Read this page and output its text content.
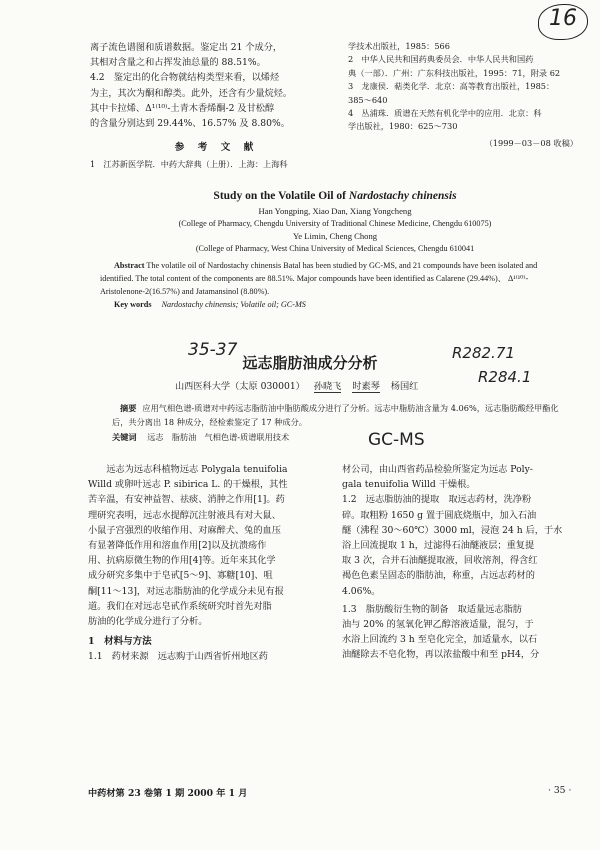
16
离子流色谱图和质谱数据。鉴定出 21 个成分，
其相对含量之和占挥发油总量的 88.51%。
4.2　鉴定出的化合物就结构类型来看，以烯烃
为主，其次为酮和醇类。此外，还含有少量烷烃。
其中卡拉烯、Δ¹⁽¹⁰⁾-土青木香烯酮-2 及甘松醇
的含量分别达到 29.44%、16.57% 及 8.80%。
参　考　文　献
1　江苏新医学院．中药大辞典（上册）．上海：上海科
学技术出版社，1985：566
2　中华人民共和国药典委员会．中华人民共和国药
典（一部）．广州：广东科技出版社，1995：71，附录 62
3　龙康侯．萜类化学．北京：高等教育出版社，1985：
385～640
4　丛浦珠．质谱在天然有机化学中的应用．北京：科
学出版社，1980：625～730
（1999－03－08 收稿）
Study on the Volatile Oil of Nardostachy chinensis
Han Yongping, Xiao Dan, Xiang Yongcheng
(College of Pharmacy, Chengdu University of Traditional Chinese Medicine, Chengdu 610075)
Ye Limin, Cheng Chong
(College of Pharmacy, West China University of Medical Sciences, Chengdu 610041
Abstract The volatile oil of Nardostachy chinensis Batal has been studied by GC-MS, and 21 compounds have been isolated and identified. The total content of the components are 88.51%. Major compounds have been identified as Calarene (29.44%)、 Δ¹⁽¹⁰⁾-Aristolenone-2(16.57%) and Jatamansinol (8.80%).
Key words Nardostachy chinensis; Volatile oil; GC-MS
35-37	R282.71
R284.1
GC-MS
远志脂肪油成分分析
山西医科大学（太原 030001） 孙晓飞 时素琴 杨国红
摘要 应用气相色谱-质谱对中药远志脂肪油中脂肪酸成分进行了分析。远志中脂肪油含量为 4.06%，远志脂肪酸经甲酯化后，共分离出 18 种成分，经检索鉴定了 17 种成分。
关键词 远志　脂肪油　气相色谱-质谱联用技术
　　远志为远志科植物远志 Polygala tenuifolia
Willd 或卵叶远志 P. sibirica L. 的干燥根，其性
苦辛温，有安神益智、祛痰、消肿之作用[1]。药
理研究表明，远志水提醇沉注射液具有对大鼠、
小鼠子宫强烈的收缩作用、对麻醉犬、兔的血压
有显著降低作用和溶血作用[2]以及抗溃疡作
用、抗病原微生物的作用[4]等。近年来其化学
成分研究多集中于皂甙[5～9]、寡糖[10]、咀
酮[11～13]，对远志脂肪油的化学成分未见有报
道。我们在对远志皂甙作系统研究时首先对脂
肪油的化学成分进行了分析。
1　材料与方法
1.1　药材来源　远志购于山西省忻州地区药
材公司，由山西省药品检验所鉴定为远志 Poly-
gala tenuifolia Willd 干燥根。
1.2　远志脂肪油的提取　取远志药材，洗净粉
碎。取粗粉 1650 g 置于圆底烧瓶中，加入石油
醚（沸程 30～60℃）3000 ml，浸泡 24 h 后，于水
浴上回流提取 1 h，过滤得石油醚液层；重复提
取 3 次，合并石油醚提取液，回收溶剂，得含红
褐色色素呈固态的脂肪油，称重，占远志药材的
4.06%。
1.3　脂肪酸衍生物的制备　取适量远志脂肪
油与 20% 的氢氧化钾乙醇溶液适量，混匀，于
水浴上回流约 3 h 至皂化完全，加适量水，以石
油醚除去不皂化物，再以浓盐酸中和至 pH4，分
中药材第 23 卷第 1 期 2000 年 1 月	· 35 ·
